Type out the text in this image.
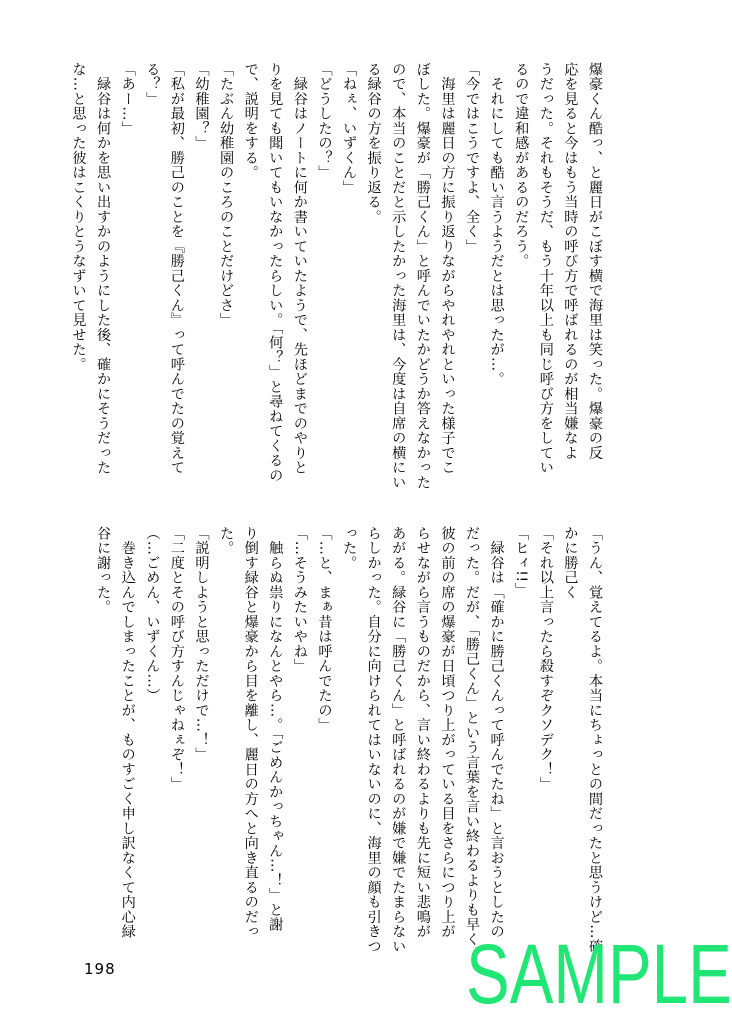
爆豪くん酷っ、と麗日がこぼす横で海里は笑った。爆豪の反
応を見ると今はもう当時の呼び方で呼ばれるのが相当嫌なよ
うだった。それもそうだ、もう十年以上も同じ呼び方をしてい
るので違和感があるのだろう。
　それにしても酷い言うようだとは思ったが…。
「今ではこうですよ、全く」
　海里は麗日の方に振り返りながらやれやれといった様子でこ
ぼした。爆豪が「勝己くん」と呼んでいたかどうか答えなかった
ので、本当のことだと示したかった海里は、今度は自席の横にい
る緑谷の方を振り返る。
「ねぇ、いずくん」
「どうしたの？」
　緑谷はノートに何か書いていたようで、先ほどまでのやりと
りを見ても聞いてもいなかったらしい。「何？」と尋ねてくるの
で、説明をする。
「たぶん幼稚園のころのことだけどさ」
「幼稚園？」
「私が最初、勝己のことを『勝己くん』って呼んでたの覚えて
る？」
「あー…」
　緑谷は何かを思い出すかのようにした後、確かにそうだった
な…と思った彼はこくりとうなずいて見せた。
「うん、覚えてるよ。本当にちょっとの間だったと思うけど…確
かに勝己く
「それ以上言ったら殺すぞクソデク！」
「ヒィ!!」
　緑谷は「確かに勝己くんって呼んでたね」と言おうとしたの
だった。だが、「勝己くん」という言葉を言い終わるよりも早く、
彼の前の席の爆豪が日頃つり上がっている目をさらにつり上が
らせながら言うものだから、言い終わるよりも先に短い悲鳴が
あがる。緑谷に「勝己くん」と呼ばれるのが嫌で嫌でたまらない
らしかった。自分に向けられてはいないのに、海里の顔も引きつ
った。
「…と、まぁ昔は呼んでたの」
「…そうみたいやね」
　触らぬ祟りになんとやら…。「ごめんかっちゃん…！」と謝
り倒す緑谷と爆豪から目を離し、麗日の方へと向き直るのだっ
た。
「説明しようと思っただけで…！」
「二度とその呼び方すんじゃねぇぞ！」
（…ごめん、いずくん…）
　巻き込んでしまったことが、ものすごく申し訳なくて内心緑
谷に謝った。
198	SAMPLE
